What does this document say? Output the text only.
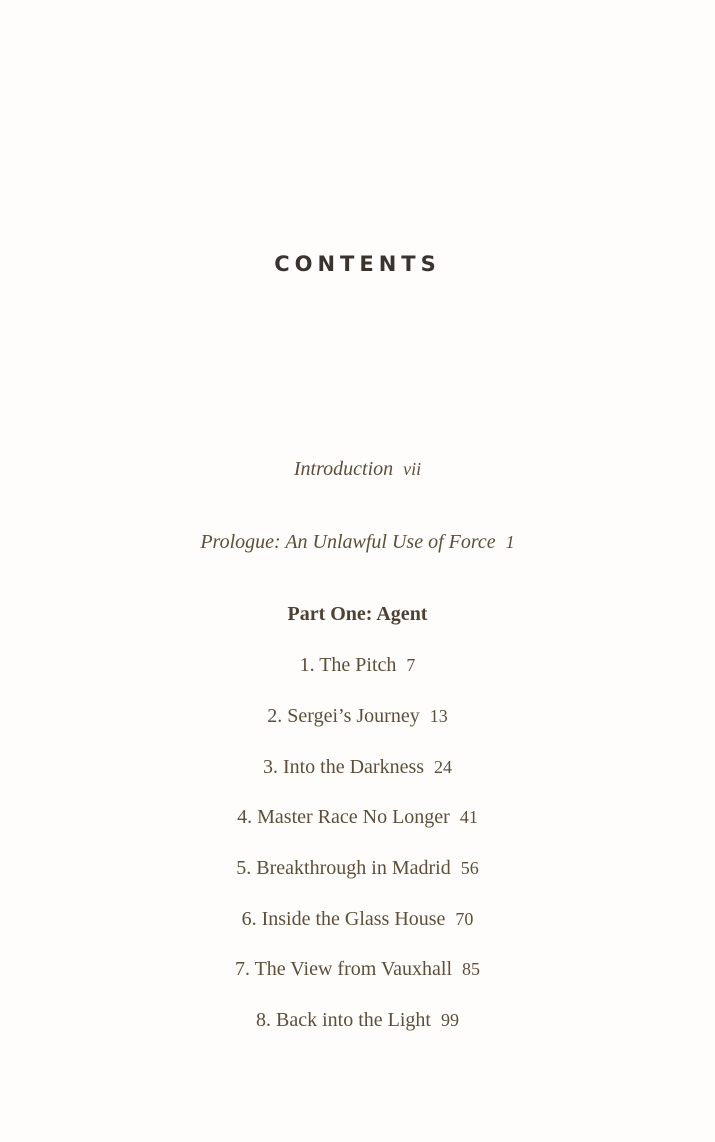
CONTENTS
Introduction vii
Prologue: An Unlawful Use of Force 1
Part One: Agent
1. The Pitch 7
2. Sergei’s Journey 13
3. Into the Darkness 24
4. Master Race No Longer 41
5. Breakthrough in Madrid 56
6. Inside the Glass House 70
7. The View from Vauxhall 85
8. Back into the Light 99
